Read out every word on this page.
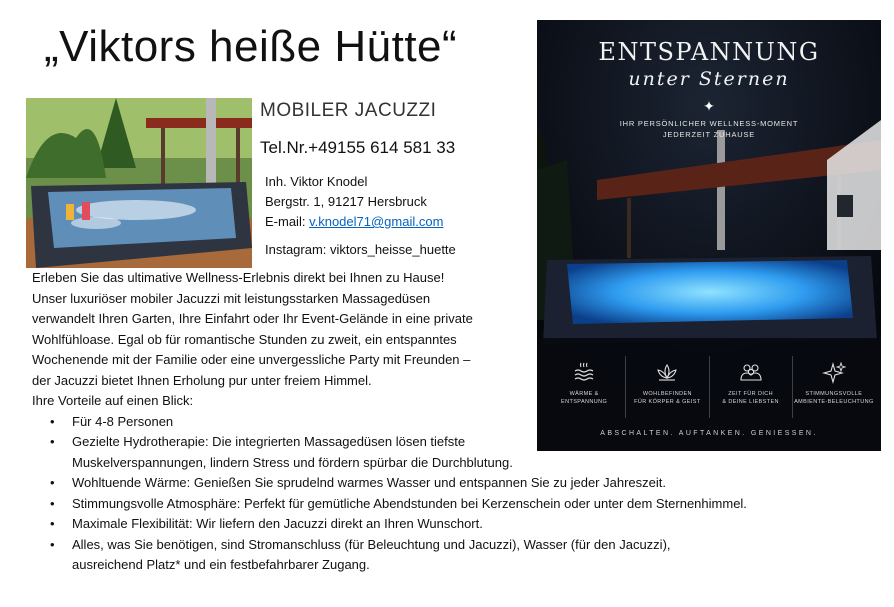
„Viktors heiße Hütte“
MOBILER JACUZZI
Tel.Nr.+49155 614 581 33
Inh. Viktor Knodel
Bergstr. 1, 91217 Hersbruck
E-mail: v.knodel71@gmail.com
Instagram: viktors_heisse_huette

Erleben Sie das ultimative Wellness-Erlebnis direkt bei Ihnen zu Hause!

Unser luxuriöser mobiler Jacuzzi mit leistungsstarken Massagedüsen

verwandelt Ihren Garten, Ihre Einfahrt oder Ihr Event-Gelände in eine private

Wohlfühloase. Egal ob für romantische Stunden zu zweit, ein entspanntes

Wochenende mit der Familie oder eine unvergessliche Party mit Freunden –

der Jacuzzi bietet Ihnen Erholung pur unter freiem Himmel.

Ihre Vorteile auf einen Blick:

• Für 4-8 Personen
• Gezielte Hydrotherapie: Die integrierten Massagedüsen lösen tiefste
Muskelverspannungen, lindern Stress und fördern spürbar die Durchblutung.
• Wohltuende Wärme: Genießen Sie sprudelnd warmes Wasser und entspannen Sie zu jeder Jahreszeit.
• Stimmungsvolle Atmosphäre: Perfekt für gemütliche Abendstunden bei Kerzenschein oder unter dem Sternenhimmel.
• Maximale Flexibilität: Wir liefern den Jacuzzi direkt an Ihren Wunschort.
• Alles, was Sie benötigen, sind Stromanschluss (für Beleuchtung und Jacuzzi), Wasser (für den Jacuzzi),
ausreichend Platz* und ein festbefahrbarer Zugang.
ENTSPANNUNG
unter Sternen
✦
IHR PERSÖNLICHER WELLNESS-MOMENT
JEDERZEIT ZUHAUSE
WÄRME &
ENTSPANNUNG
WOHLBEFINDEN
FÜR KÖRPER & GEIST
ZEIT FÜR DICH
& DEINE LIEBSTEN
STIMMUNGSVOLLE
AMBIENTE-BELEUCHTUNG
ABSCHALTEN. AUFTANKEN. GENIESSEN.
